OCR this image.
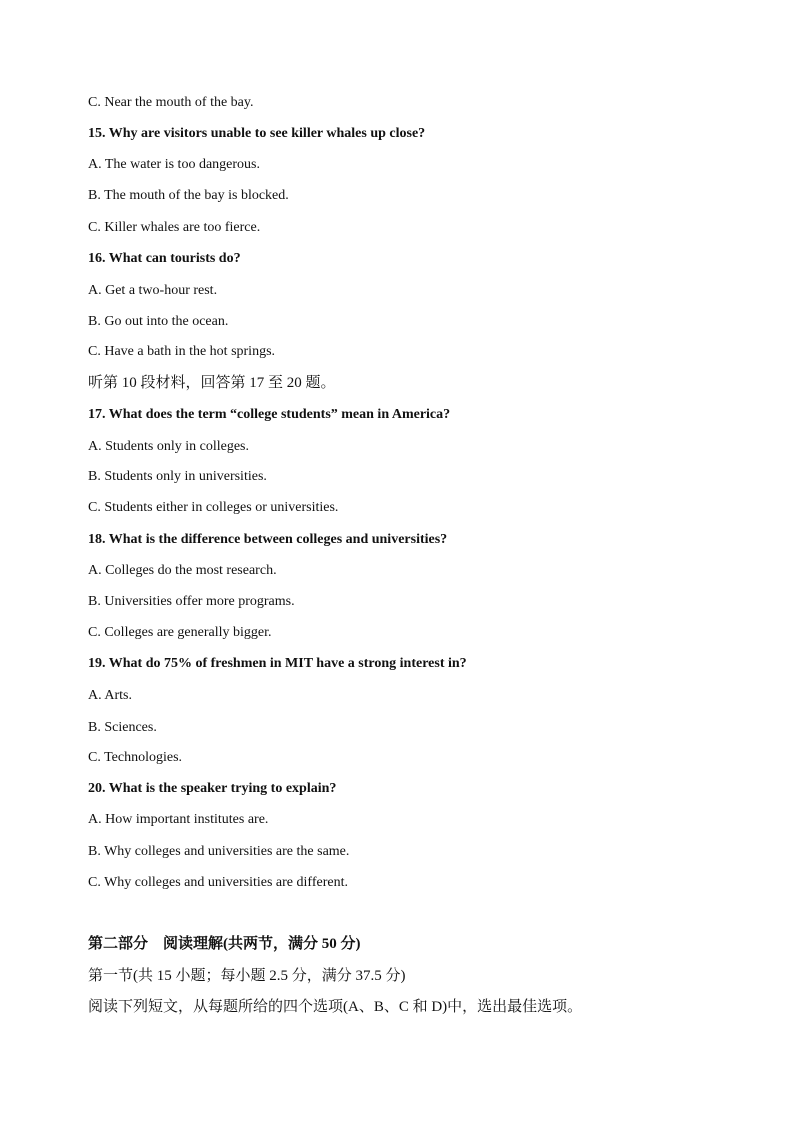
C. Near the mouth of the bay.
15. Why are visitors unable to see killer whales up close?
A. The water is too dangerous.
B. The mouth of the bay is blocked.
C. Killer whales are too fierce.
16. What can tourists do?
A. Get a two-hour rest.
B. Go out into the ocean.
C. Have a bath in the hot springs.
听第 10 段材料，回答第 17 至 20 题。
17. What does the term “college students” mean in America?
A. Students only in colleges.
B. Students only in universities.
C. Students either in colleges or universities.
18. What is the difference between colleges and universities?
A. Colleges do the most research.
B. Universities offer more programs.
C. Colleges are generally bigger.
19. What do 75% of freshmen in MIT have a strong interest in?
A. Arts.
B. Sciences.
C. Technologies.
20. What is the speaker trying to explain?
A. How important institutes are.
B. Why colleges and universities are the same.
C. Why colleges and universities are different.
第二部分　阅读理解(共两节，满分 50 分)
第一节(共 15 小题；每小题 2.5 分，满分 37.5 分)
阅读下列短文，从每题所给的四个选项(A、B、C 和 D)中，选出最佳选项。
